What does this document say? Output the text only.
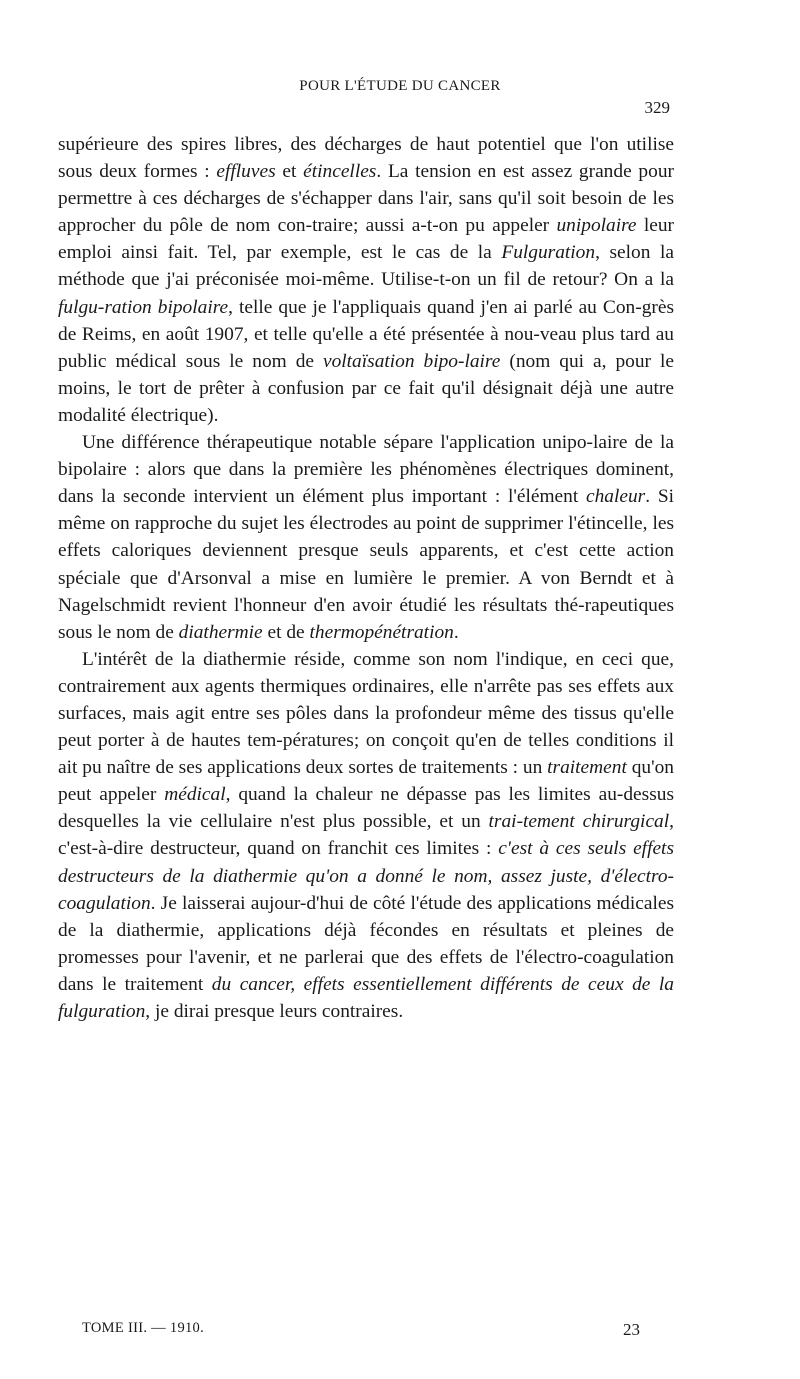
POUR L'ÉTUDE DU CANCER
329

supérieure des spires libres, des décharges de haut potentiel que l'on utilise sous deux formes : effluves et étincelles. La tension en est assez grande pour permettre à ces décharges de s'échapper dans l'air, sans qu'il soit besoin de les approcher du pôle de nom con-traire; aussi a-t-on pu appeler unipolaire leur emploi ainsi fait. Tel, par exemple, est le cas de la Fulguration, selon la méthode que j'ai préconisée moi-même. Utilise-t-on un fil de retour? On a la fulgu-ration bipolaire, telle que je l'appliquais quand j'en ai parlé au Con-grès de Reims, en août 1907, et telle qu'elle a été présentée à nou-veau plus tard au public médical sous le nom de voltaïsation bipo-laire (nom qui a, pour le moins, le tort de prêter à confusion par ce fait qu'il désignait déjà une autre modalité électrique).

Une différence thérapeutique notable sépare l'application unipo-laire de la bipolaire : alors que dans la première les phénomènes électriques dominent, dans la seconde intervient un élément plus important : l'élément chaleur. Si même on rapproche du sujet les électrodes au point de supprimer l'étincelle, les effets caloriques deviennent presque seuls apparents, et c'est cette action spéciale que d'Arsonval a mise en lumière le premier. A von Berndt et à Nagelschmidt revient l'honneur d'en avoir étudié les résultats thé-rapeutiques sous le nom de diathermie et de thermopénétration.

L'intérêt de la diathermie réside, comme son nom l'indique, en ceci que, contrairement aux agents thermiques ordinaires, elle n'arrête pas ses effets aux surfaces, mais agit entre ses pôles dans la profondeur même des tissus qu'elle peut porter à de hautes tem-pératures; on conçoit qu'en de telles conditions il ait pu naître de ses applications deux sortes de traitements : un traitement qu'on peut appeler médical, quand la chaleur ne dépasse pas les limites au-dessus desquelles la vie cellulaire n'est plus possible, et un trai-tement chirurgical, c'est-à-dire destructeur, quand on franchit ces limites : c'est à ces seuls effets destructeurs de la diathermie qu'on a donné le nom, assez juste, d'électro-coagulation. Je laisserai aujour-d'hui de côté l'étude des applications médicales de la diathermie, applications déjà fécondes en résultats et pleines de promesses pour l'avenir, et ne parlerai que des effets de l'électro-coagulation dans le traitement du cancer, effets essentiellement différents de ceux de la fulguration, je dirai presque leurs contraires.

TOME III. — 1910.	23
